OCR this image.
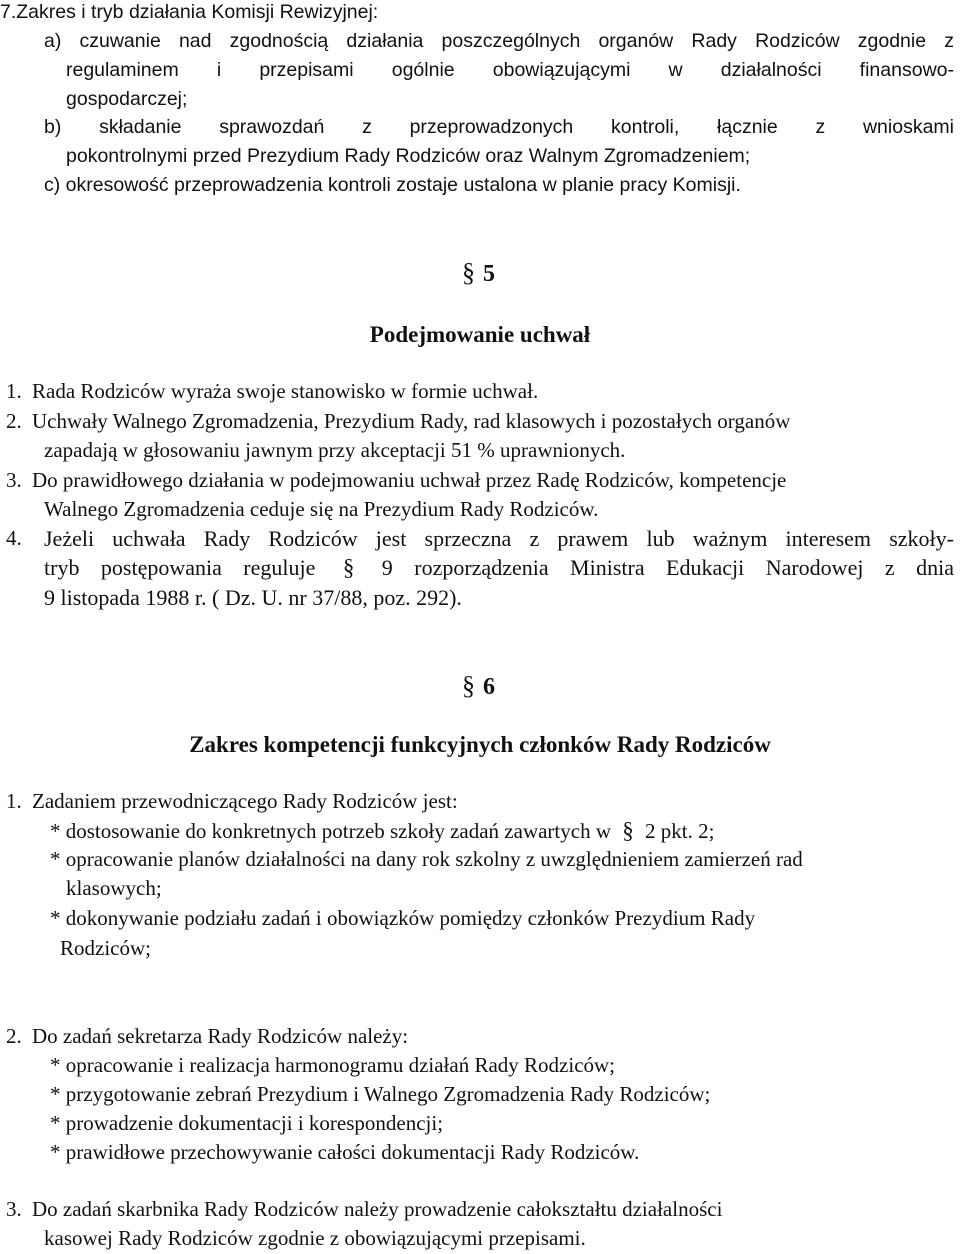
7.Zakres i tryb działania Komisji Rewizyjnej:
a) czuwanie nad zgodnością działania poszczególnych organów Rady Rodziców zgodnie z
regulaminem i przepisami ogólnie obowiązującymi w działalności finansowo-
gospodarczej;
b) składanie sprawozdań z przeprowadzonych kontroli, łącznie z wnioskami
pokontrolnymi przed Prezydium Rady Rodziców oraz Walnym Zgromadzeniem;
c) okresowość przeprowadzenia kontroli zostaje ustalona w planie pracy Komisji.
§ 5
Podejmowanie uchwał
1. Rada Rodziców wyraża swoje stanowisko w formie uchwał.
2. Uchwały Walnego Zgromadzenia, Prezydium Rady, rad klasowych i pozostałych organów
zapadają w głosowaniu jawnym przy akceptacji 51 % uprawnionych.
3. Do prawidłowego działania w podejmowaniu uchwał przez Radę Rodziców, kompetencje
Walnego Zgromadzenia ceduje się na Prezydium Rady Rodziców.
4.	Jeżeli uchwała Rady Rodziców jest sprzeczna z prawem lub ważnym interesem szkoły-
tryb postępowania reguluje § 9 rozporządzenia Ministra Edukacji Narodowej z dnia
9 listopada 1988 r. ( Dz. U. nr 37/88, poz. 292).
§ 6
Zakres kompetencji funkcyjnych członków Rady Rodziców
1. Zadaniem przewodniczącego Rady Rodziców jest:
* dostosowanie do konkretnych potrzeb szkoły zadań zawartych w § 2 pkt. 2;
* opracowanie planów działalności na dany rok szkolny z uwzględnieniem zamierzeń rad
klasowych;
* dokonywanie podziału zadań i obowiązków pomiędzy członków Prezydium Rady
Rodziców;
2. Do zadań sekretarza Rady Rodziców należy:
* opracowanie i realizacja harmonogramu działań Rady Rodziców;
* przygotowanie zebrań Prezydium i Walnego Zgromadzenia Rady Rodziców;
* prowadzenie dokumentacji i korespondencji;
* prawidłowe przechowywanie całości dokumentacji Rady Rodziców.
3. Do zadań skarbnika Rady Rodziców należy prowadzenie całokształtu działalności
kasowej Rady Rodziców zgodnie z obowiązującymi przepisami.
